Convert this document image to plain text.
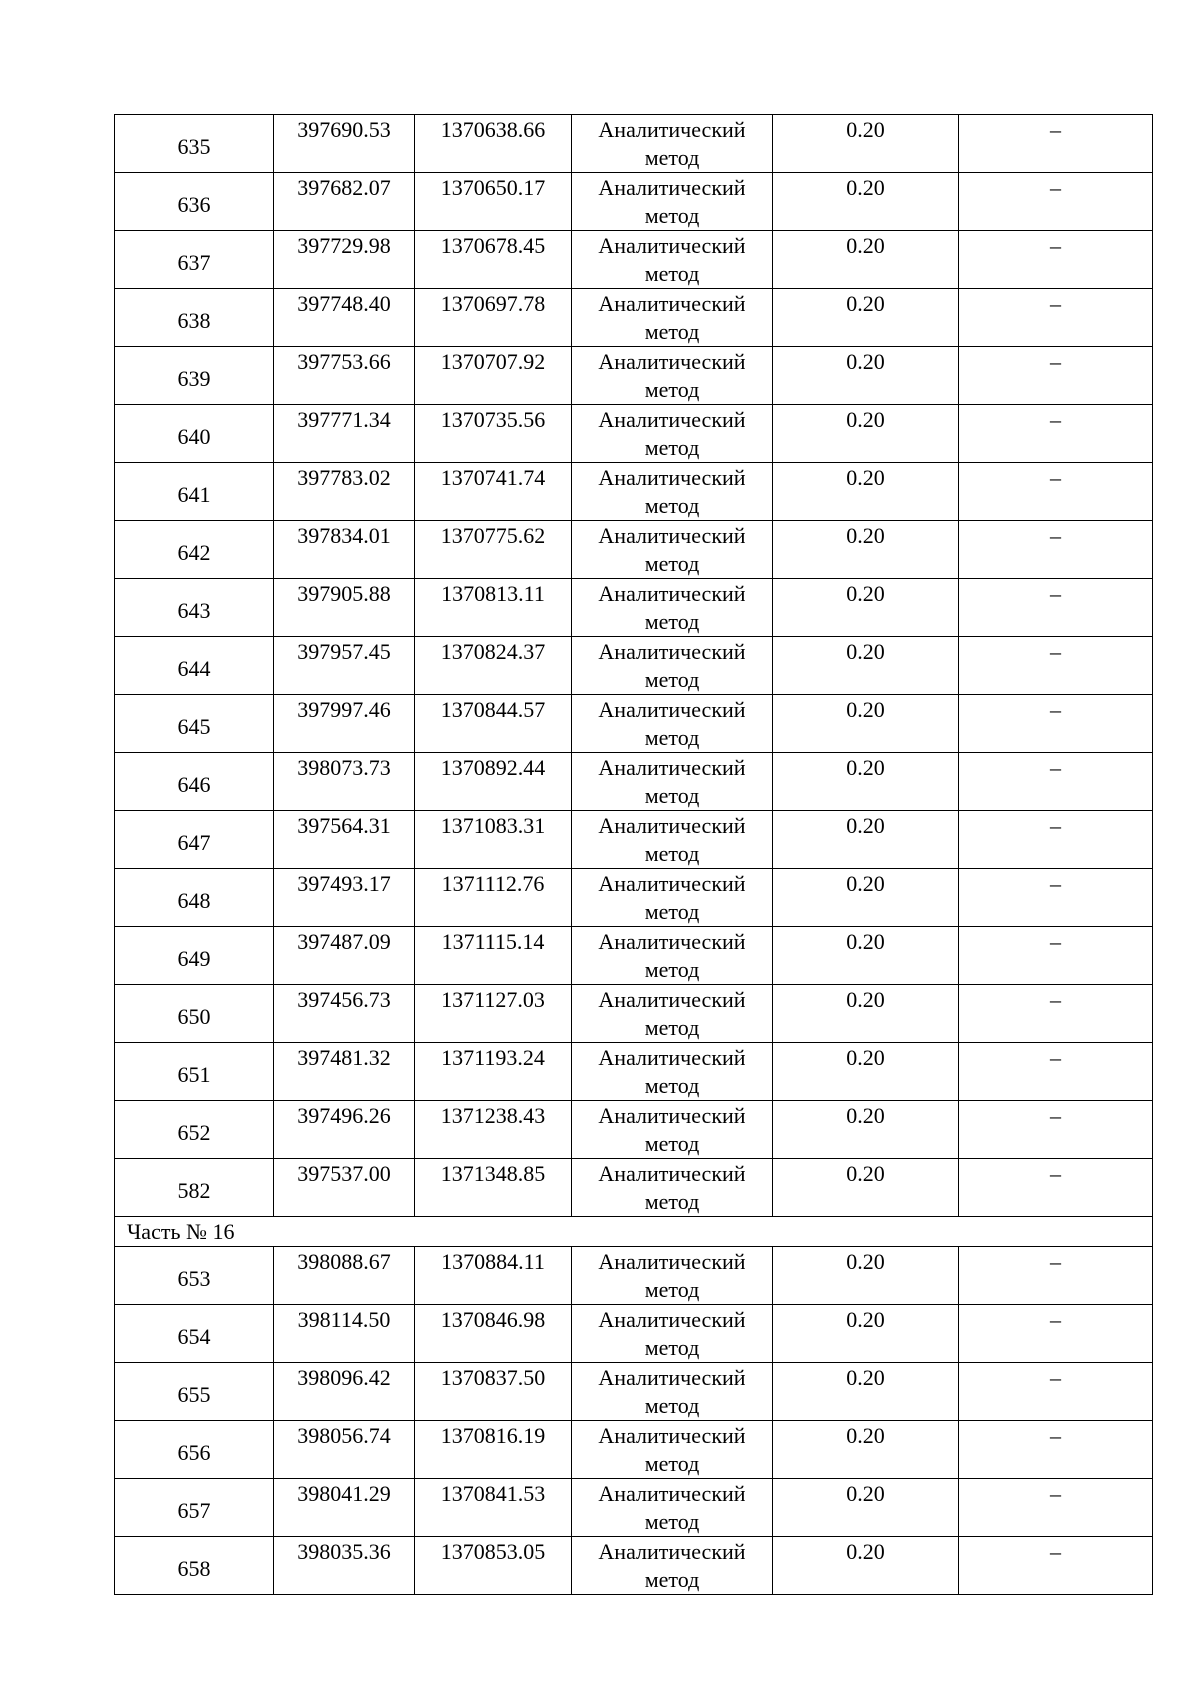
635	397690.53	1370638.66	Аналитический метод	0.20	–
636	397682.07	1370650.17	Аналитический метод	0.20	–
637	397729.98	1370678.45	Аналитический метод	0.20	–
638	397748.40	1370697.78	Аналитический метод	0.20	–
639	397753.66	1370707.92	Аналитический метод	0.20	–
640	397771.34	1370735.56	Аналитический метод	0.20	–
641	397783.02	1370741.74	Аналитический метод	0.20	–
642	397834.01	1370775.62	Аналитический метод	0.20	–
643	397905.88	1370813.11	Аналитический метод	0.20	–
644	397957.45	1370824.37	Аналитический метод	0.20	–
645	397997.46	1370844.57	Аналитический метод	0.20	–
646	398073.73	1370892.44	Аналитический метод	0.20	–
647	397564.31	1371083.31	Аналитический метод	0.20	–
648	397493.17	1371112.76	Аналитический метод	0.20	–
649	397487.09	1371115.14	Аналитический метод	0.20	–
650	397456.73	1371127.03	Аналитический метод	0.20	–
651	397481.32	1371193.24	Аналитический метод	0.20	–
652	397496.26	1371238.43	Аналитический метод	0.20	–
582	397537.00	1371348.85	Аналитический метод	0.20	–
Часть № 16					
653	398088.67	1370884.11	Аналитический метод	0.20	–
654	398114.50	1370846.98	Аналитический метод	0.20	–
655	398096.42	1370837.50	Аналитический метод	0.20	–
656	398056.74	1370816.19	Аналитический метод	0.20	–
657	398041.29	1370841.53	Аналитический метод	0.20	–
658	398035.36	1370853.05	Аналитический метод	0.20	–
